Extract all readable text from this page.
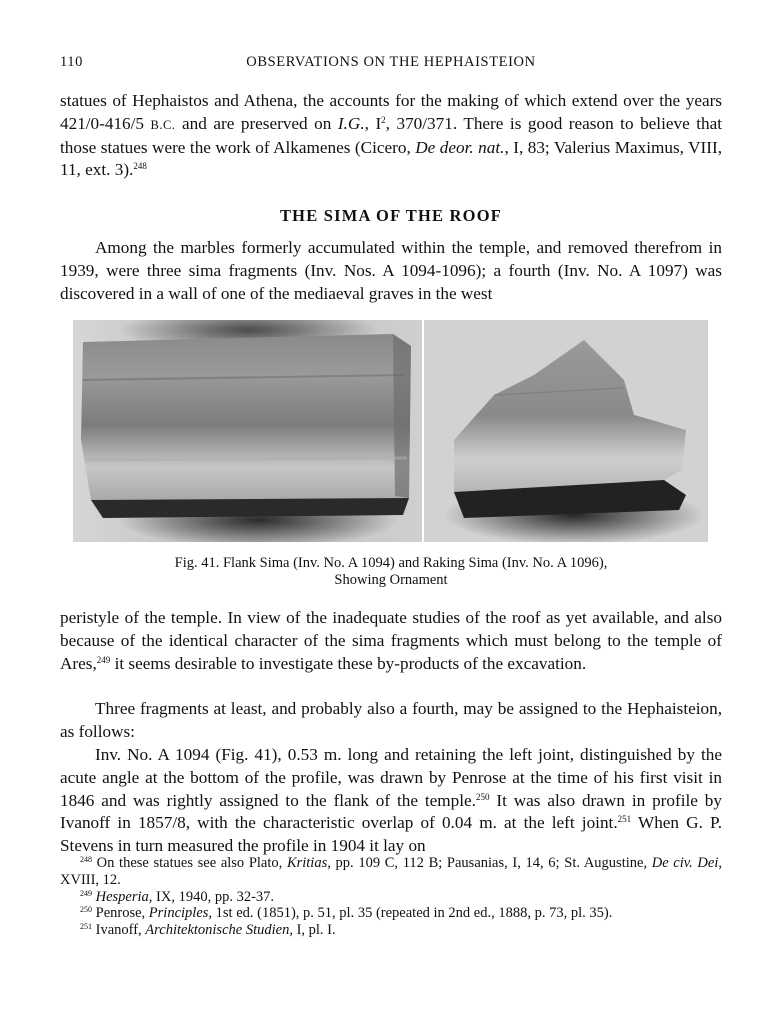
110	OBSERVATIONS ON THE HEPHAISTEION

statues of Hephaistos and Athena, the accounts for the making of which extend over the years 421/0-416/5 B.C. and are preserved on I.G., $I^2$, 370/371. There is good reason to believe that those statues were the work of Alkamenes (Cicero, De deor. nat., I, 83; Valerius Maximus, VIII, 11, ext. 3).$^{248}$

THE SIMA OF THE ROOF

Among the marbles formerly accumulated within the temple, and removed therefrom in 1939, were three sima fragments (Inv. Nos. A 1094-1096); a fourth (Inv. No. A 1097) was discovered in a wall of one of the mediaeval graves in the west

Fig. 41. Flank Sima (Inv. No. A 1094) and Raking Sima (Inv. No. A 1096),
Showing Ornament

peristyle of the temple. In view of the inadequate studies of the roof as yet available, and also because of the identical character of the sima fragments which must belong to the temple of Ares,$^{249}$ it seems desirable to investigate these by-products of the excavation.

Three fragments at least, and probably also a fourth, may be assigned to the Hephaisteion, as follows:

Inv. No. A 1094 (Fig. 41), 0.53 m. long and retaining the left joint, distinguished by the acute angle at the bottom of the profile, was drawn by Penrose at the time of his first visit in 1846 and was rightly assigned to the flank of the temple.$^{250}$ It was also drawn in profile by Ivanoff in 1857/8, with the characteristic overlap of 0.04 m. at the left joint.$^{251}$ When G. P. Stevens in turn measured the profile in 1904 it lay on

$^{248}$ On these statues see also Plato, Kritias, pp. 109 C, 112 B; Pausanias, I, 14, 6; St. Augustine, De civ. Dei, XVIII, 12.

$^{249}$ Hesperia, IX, 1940, pp. 32-37.

$^{250}$ Penrose, Principles, 1st ed. (1851), p. 51, pl. 35 (repeated in 2nd ed., 1888, p. 73, pl. 35).

$^{251}$ Ivanoff, Architektonische Studien, I, pl. I.
